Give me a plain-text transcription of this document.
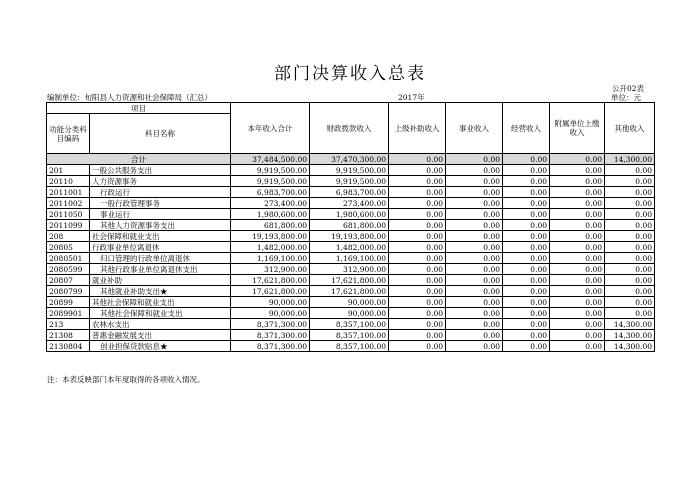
部门决算收入总表
公开02表
编制单位：旬阳县人力资源和社会保障局（汇总）	2017年	单位：元
项目		本年收入合计	财政拨款收入	上级补助收入	事业收入	经营收入	附属单位上缴收入	其他收入
功能分类科目编码	科目名称							
合计		37,484,500.00	37,470,300.00	0.00	0.00	0.00	0.00	14,300.00
201	一般公共服务支出	9,919,500.00	9,919,500.00	0.00	0.00	0.00	0.00	0.00
20110	人力资源事务	9,919,500.00	9,919,500.00	0.00	0.00	0.00	0.00	0.00
2011001	行政运行	6,983,700.00	6,983,700.00	0.00	0.00	0.00	0.00	0.00
2011002	一般行政管理事务	273,400.00	273,400.00	0.00	0.00	0.00	0.00	0.00
2011050	事业运行	1,980,600.00	1,980,600.00	0.00	0.00	0.00	0.00	0.00
2011099	其他人力资源事务支出	681,800.00	681,800.00	0.00	0.00	0.00	0.00	0.00
208	社会保障和就业支出	19,193,800.00	19,193,800.00	0.00	0.00	0.00	0.00	0.00
20805	行政事业单位离退休	1,482,000.00	1,482,000.00	0.00	0.00	0.00	0.00	0.00
2080501	归口管理的行政单位离退休	1,169,100.00	1,169,100.00	0.00	0.00	0.00	0.00	0.00
2080599	其他行政事业单位离退休支出	312,900.00	312,900.00	0.00	0.00	0.00	0.00	0.00
20807	就业补助	17,621,800.00	17,621,800.00	0.00	0.00	0.00	0.00	0.00
2080799	其他就业补助支出★	17,621,800.00	17,621,800.00	0.00	0.00	0.00	0.00	0.00
20899	其他社会保障和就业支出	90,000.00	90,000.00	0.00	0.00	0.00	0.00	0.00
2089901	其他社会保障和就业支出	90,000.00	90,000.00	0.00	0.00	0.00	0.00	0.00
213	农林水支出	8,371,300.00	8,357,100.00	0.00	0.00	0.00	0.00	14,300.00
21308	普惠金融发展支出	8,371,300.00	8,357,100.00	0.00	0.00	0.00	0.00	14,300.00
2130804	创业担保贷款贴息★	8,371,300.00	8,357,100.00	0.00	0.00	0.00	0.00	14,300.00
注：本表反映部门本年度取得的各项收入情况。
